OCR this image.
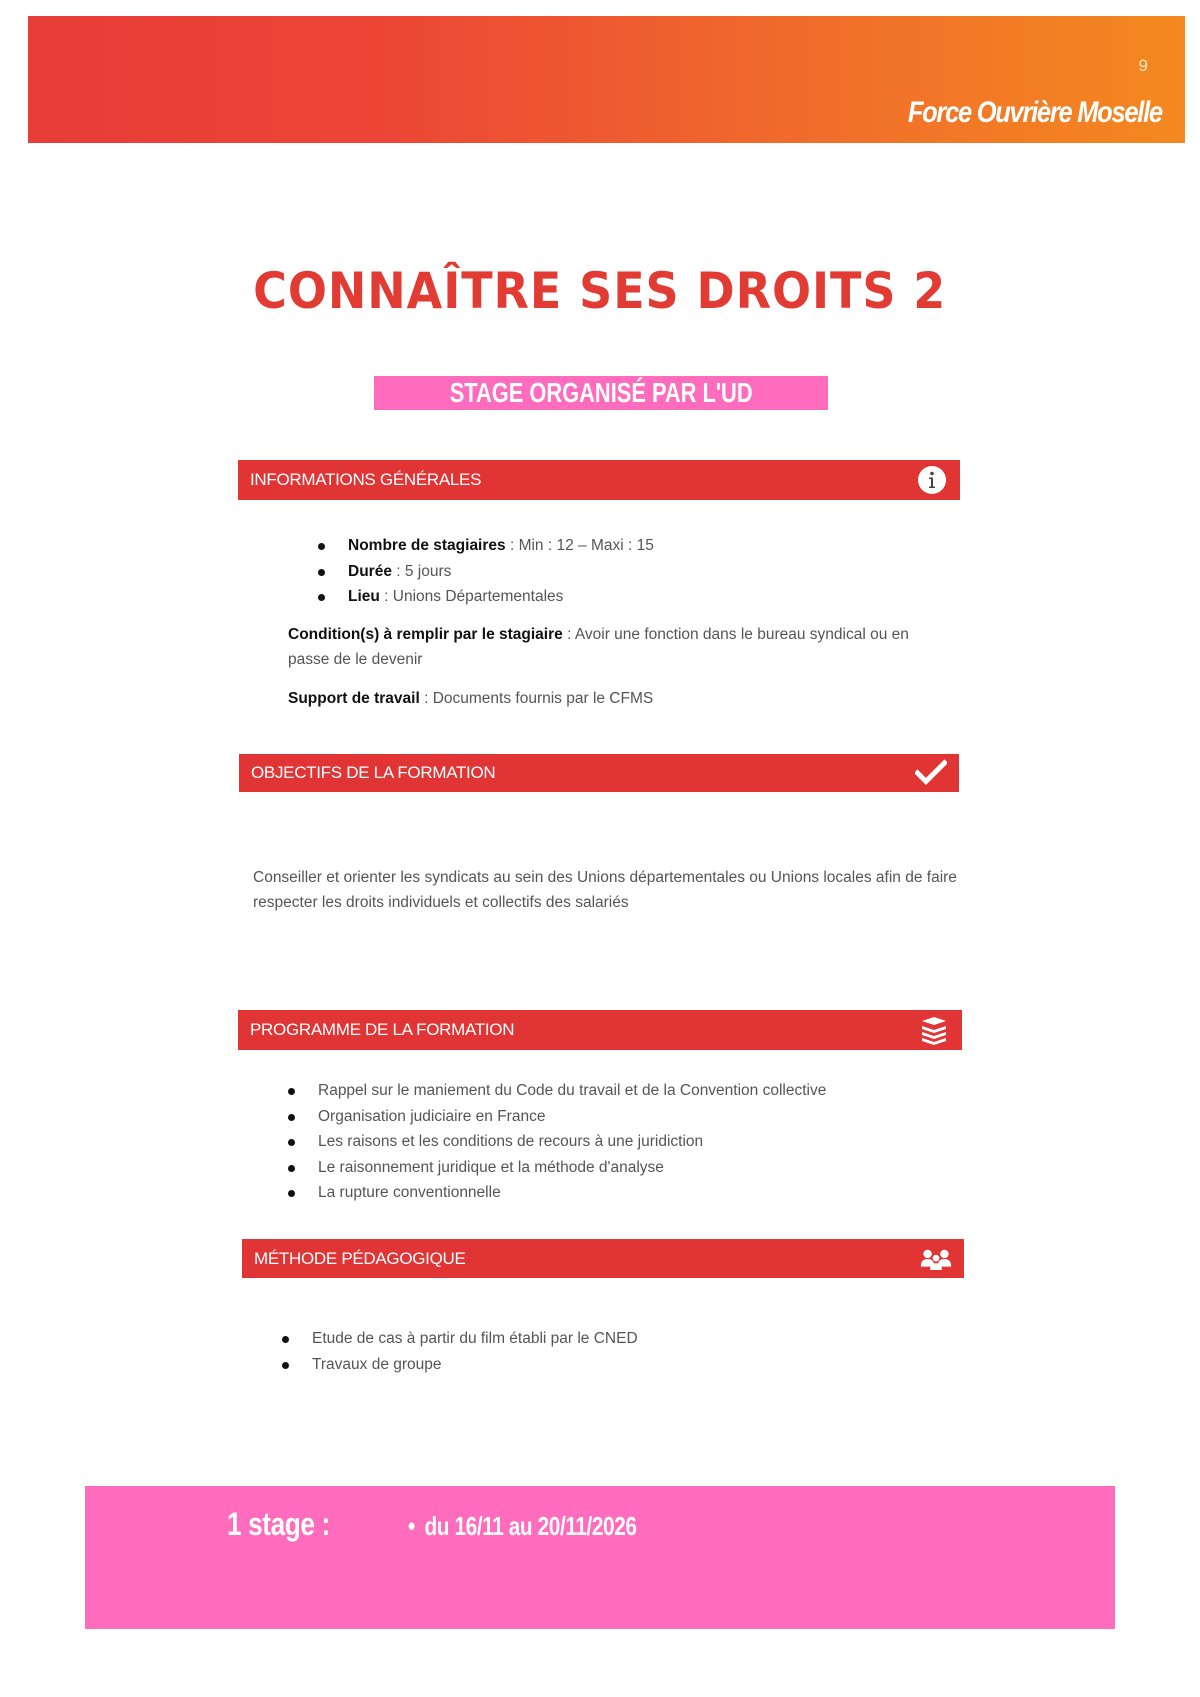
9
Force Ouvrière Moselle
CONNAÎTRE SES DROITS 2
STAGE ORGANISÉ PAR L'UD
INFORMATIONS GÉNÉRALES
Nombre de stagiaires : Min : 12 – Maxi : 15
Durée : 5 jours
Lieu : Unions Départementales

Condition(s) à remplir par le stagiaire : Avoir une fonction dans le bureau syndical ou en passe de le devenir

Support de travail : Documents fournis par le CFMS

OBJECTIFS DE LA FORMATION

Conseiller et orienter les syndicats au sein des Unions départementales ou Unions locales afin de faire respecter les droits individuels et collectifs des salariés

PROGRAMME DE LA FORMATION
Rappel sur le maniement du Code du travail et de la Convention collective
Organisation judiciaire en France
Les raisons et les conditions de recours à une juridiction
Le raisonnement juridique et la méthode d'analyse
La rupture conventionnelle
MÉTHODE PÉDAGOGIQUE
Etude de cas à partir du film établi par le CNED
Travaux de groupe
1 stage :	• du 16/11 au 20/11/2026
